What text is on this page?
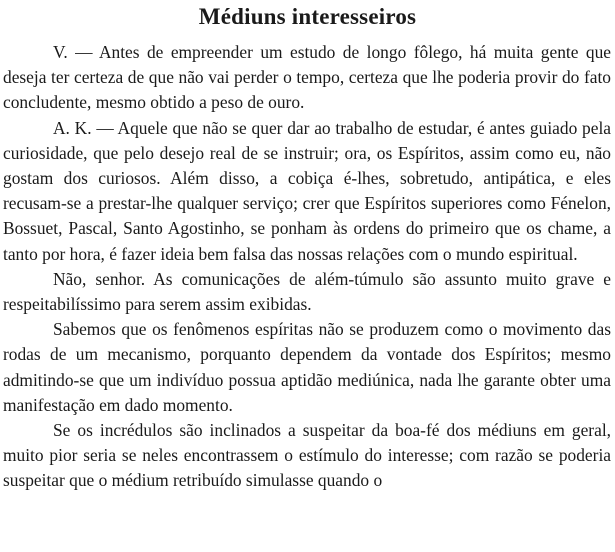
Médiuns interesseiros

V. — Antes de empreender um estudo de longo fôlego, há muita gente que deseja ter certeza de que não vai perder o tempo, certeza que lhe poderia provir do fato concludente, mesmo obtido a peso de ouro.

A. K. — Aquele que não se quer dar ao trabalho de estudar, é antes guiado pela curiosidade, que pelo desejo real de se instruir; ora, os Espíritos, assim como eu, não gostam dos curiosos. Além disso, a cobiça é-lhes, sobretudo, antipática, e eles recusam-se a prestar-lhe qualquer serviço; crer que Espíritos superiores como Fénelon, Bossuet, Pascal, Santo Agostinho, se ponham às ordens do primeiro que os chame, a tanto por hora, é fazer ideia bem falsa das nossas relações com o mundo espiritual.

Não, senhor. As comunicações de além-túmulo são assunto muito grave e respeitabilíssimo para serem assim exibidas.

Sabemos que os fenômenos espíritas não se produzem como o movimento das rodas de um mecanismo, porquanto dependem da vontade dos Espíritos; mesmo admitindo-se que um indivíduo possua aptidão mediúnica, nada lhe garante obter uma manifestação em dado momento.

Se os incrédulos são inclinados a suspeitar da boa-fé dos médiuns em geral, muito pior seria se neles encontrassem o estímulo do interesse; com razão se poderia suspeitar que o médium retribuído simulasse quando o
